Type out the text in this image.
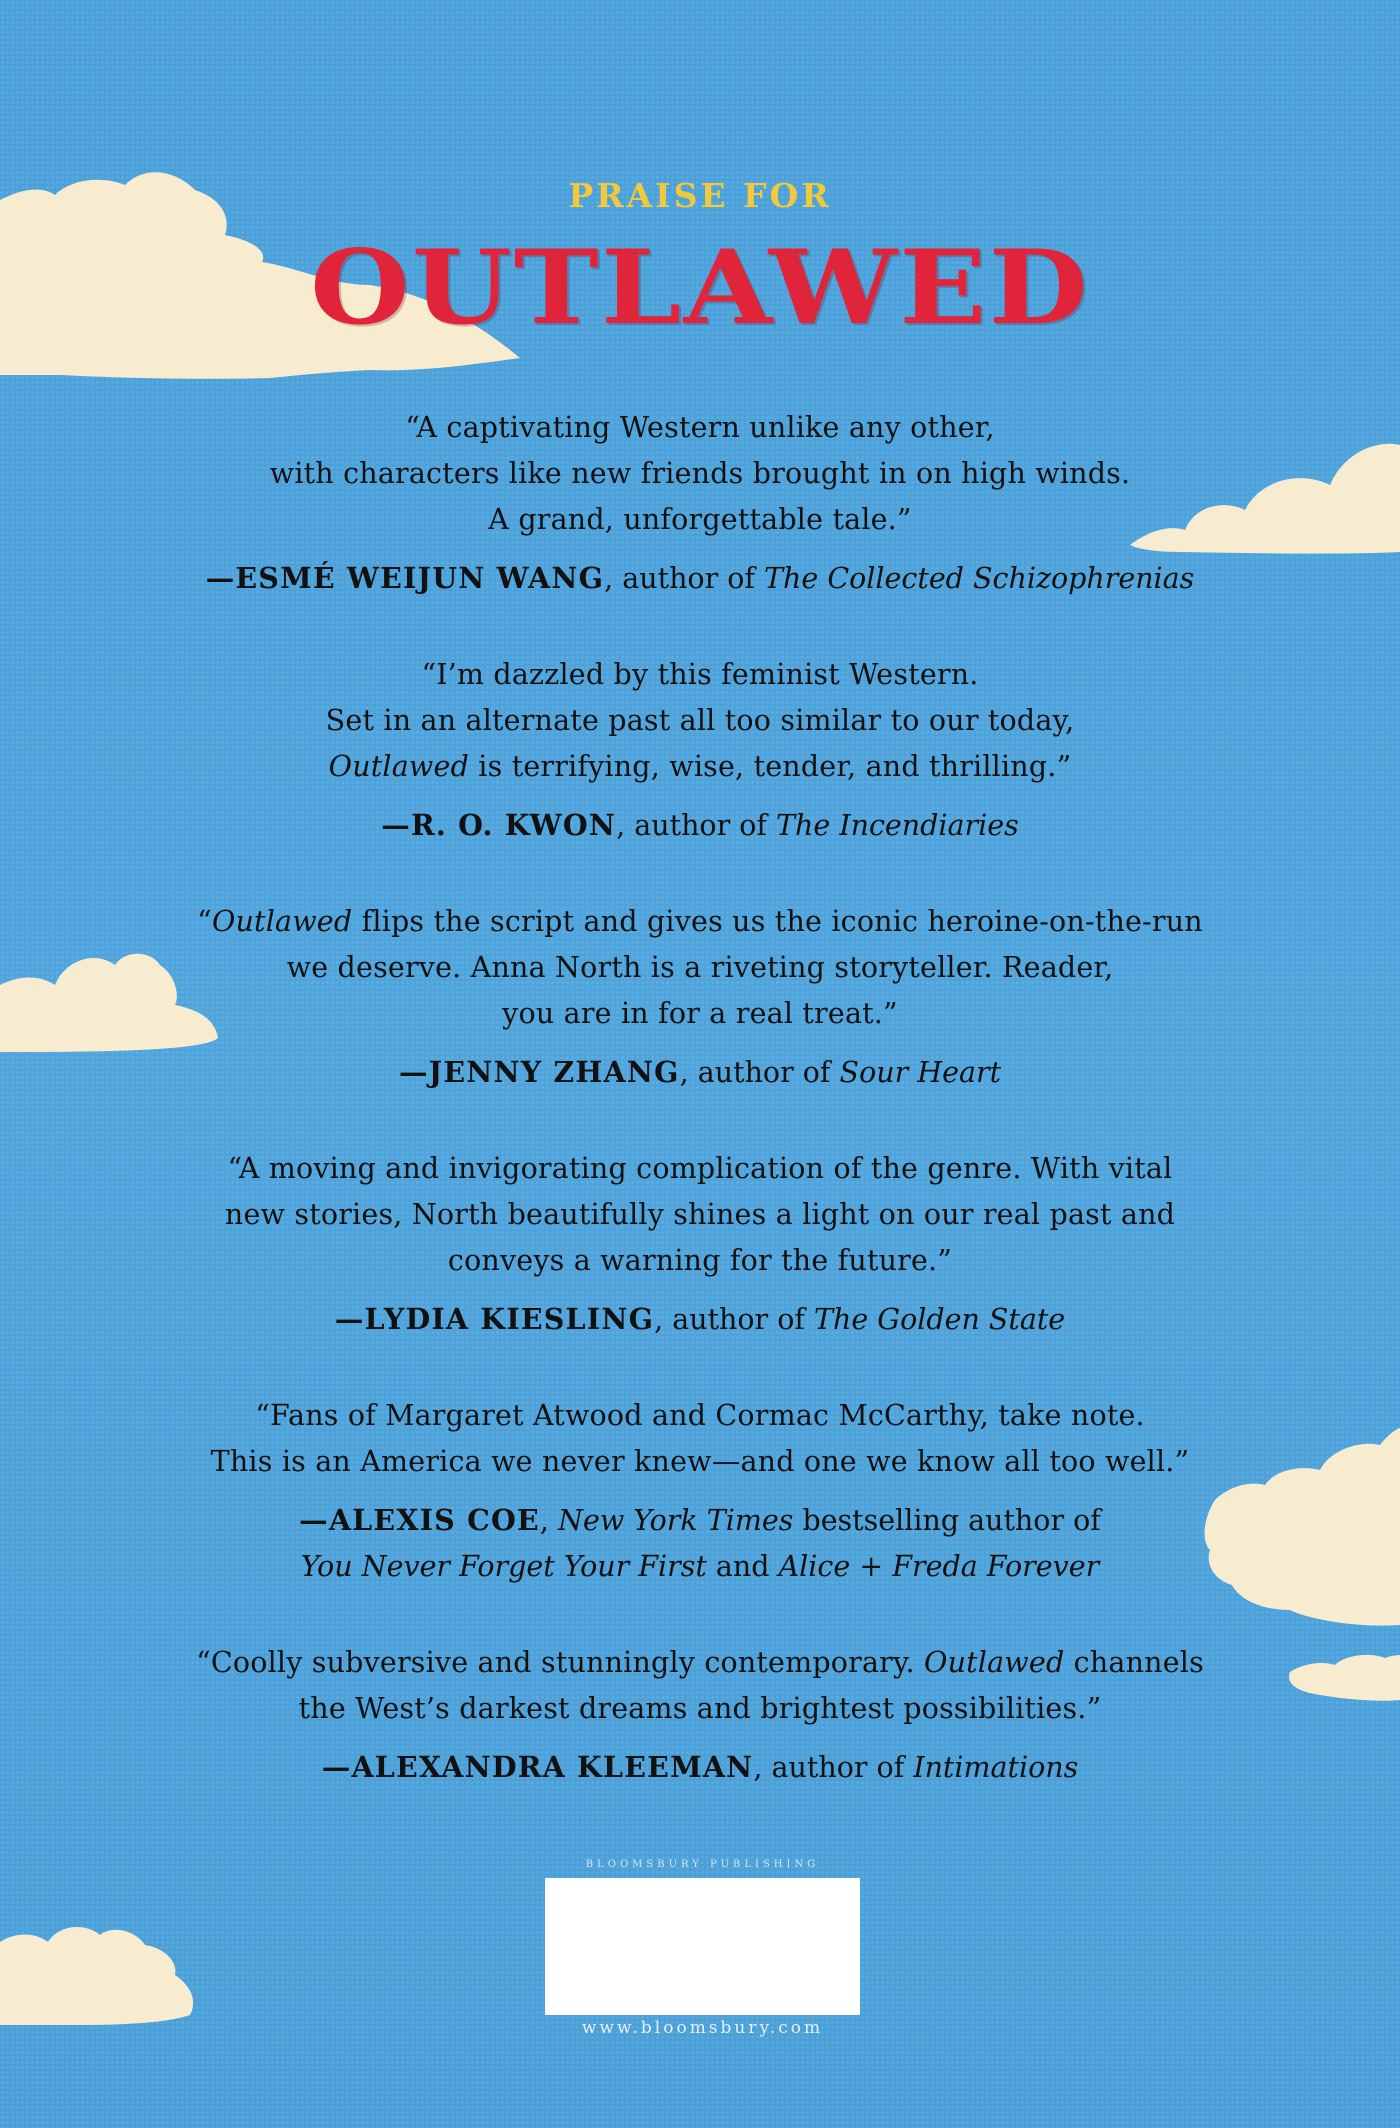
PRAISE FOR
OUTLAWED
“A captivating Western unlike any other,
with characters like new friends brought in on high winds.
A grand, unforgettable tale.”
—ESMÉ WEIJUN WANG, author of The Collected Schizophrenias
“I’m dazzled by this feminist Western.
Set in an alternate past all too similar to our today,
Outlawed is terrifying, wise, tender, and thrilling.”
—R. O. KWON, author of The Incendiaries
“Outlawed flips the script and gives us the iconic heroine-on-the-run
we deserve. Anna North is a riveting storyteller. Reader,
you are in for a real treat.”
—JENNY ZHANG, author of Sour Heart
“A moving and invigorating complication of the genre. With vital
new stories, North beautifully shines a light on our real past and
conveys a warning for the future.”
—LYDIA KIESLING, author of The Golden State
“Fans of Margaret Atwood and Cormac McCarthy, take note.
This is an America we never knew—and one we know all too well.”
—ALEXIS COE, New York Times bestselling author of
You Never Forget Your First and Alice + Freda Forever
“Coolly subversive and stunningly contemporary. Outlawed channels
the West’s darkest dreams and brightest possibilities.”
—ALEXANDRA KLEEMAN, author of Intimations
BLOOMSBURY PUBLISHING
www.bloomsbury.com
